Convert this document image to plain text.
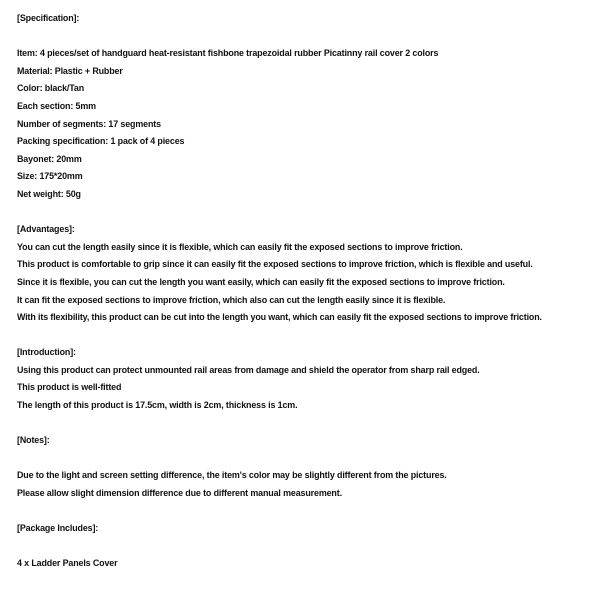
[Specification]:
Item: 4 pieces/set of handguard heat-resistant fishbone trapezoidal rubber Picatinny rail cover 2 colors
Material: Plastic + Rubber
Color: black/Tan
Each section: 5mm
Number of segments: 17 segments
Packing specification: 1 pack of 4 pieces
Bayonet: 20mm
Size: 175*20mm
Net weight: 50g
[Advantages]:
You can cut the length easily since it is flexible, which can easily fit the exposed sections to improve friction.
This product is comfortable to grip since it can easily fit the exposed sections to improve friction, which is flexible and useful.
Since it is flexible, you can cut the length you want easily, which can easily fit the exposed sections to improve friction.
It can fit the exposed sections to improve friction, which also can cut the length easily since it is flexible.
With its flexibility, this product can be cut into the length you want, which can easily fit the exposed sections to improve friction.
[Introduction]:
Using this product can protect unmounted rail areas from damage and shield the operator from sharp rail edged.
This product is well-fitted
The length of this product is 17.5cm, width is 2cm, thickness is 1cm.
[Notes]:
Due to the light and screen setting difference, the item's color may be slightly different from the pictures.
Please allow slight dimension difference due to different manual measurement.
[Package Includes]:
4 x Ladder Panels Cover
